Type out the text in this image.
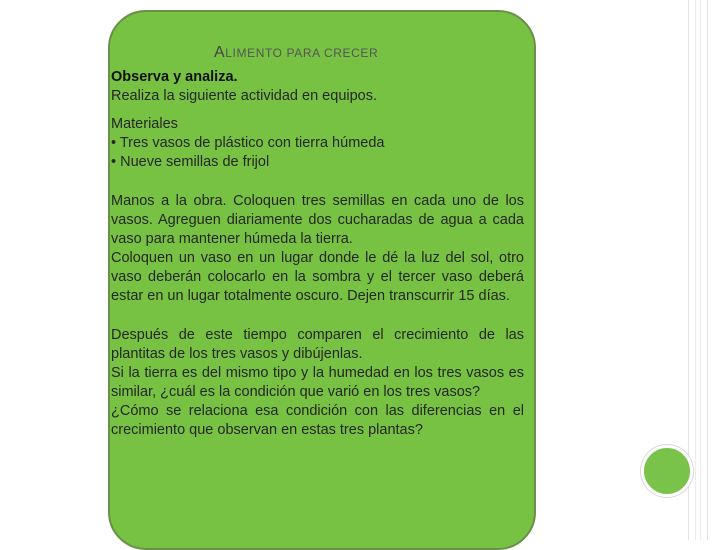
ALIMENTO PARA CRECER

Observa y analiza.

Realiza la siguiente actividad en equipos.

Materiales

• Tres vasos de plástico con tierra húmeda

• Nueve semillas de frijol

Manos a la obra. Coloquen tres semillas en cada uno de los vasos. Agreguen diariamente dos cucharadas de agua a cada vaso para mantener húmeda la tierra.

Coloquen un vaso en un lugar donde le dé la luz del sol, otro vaso deberán colocarlo en la sombra y el tercer vaso deberá estar en un lugar totalmente oscuro. Dejen transcurrir 15 días.

Después de este tiempo comparen el crecimiento de las plantitas de los tres vasos y dibújenlas.

Si la tierra es del mismo tipo y la humedad en los tres vasos es similar, ¿cuál es la condición que varió en los tres vasos?

¿Cómo se relaciona esa condición con las diferencias en el crecimiento que observan en estas tres plantas?
